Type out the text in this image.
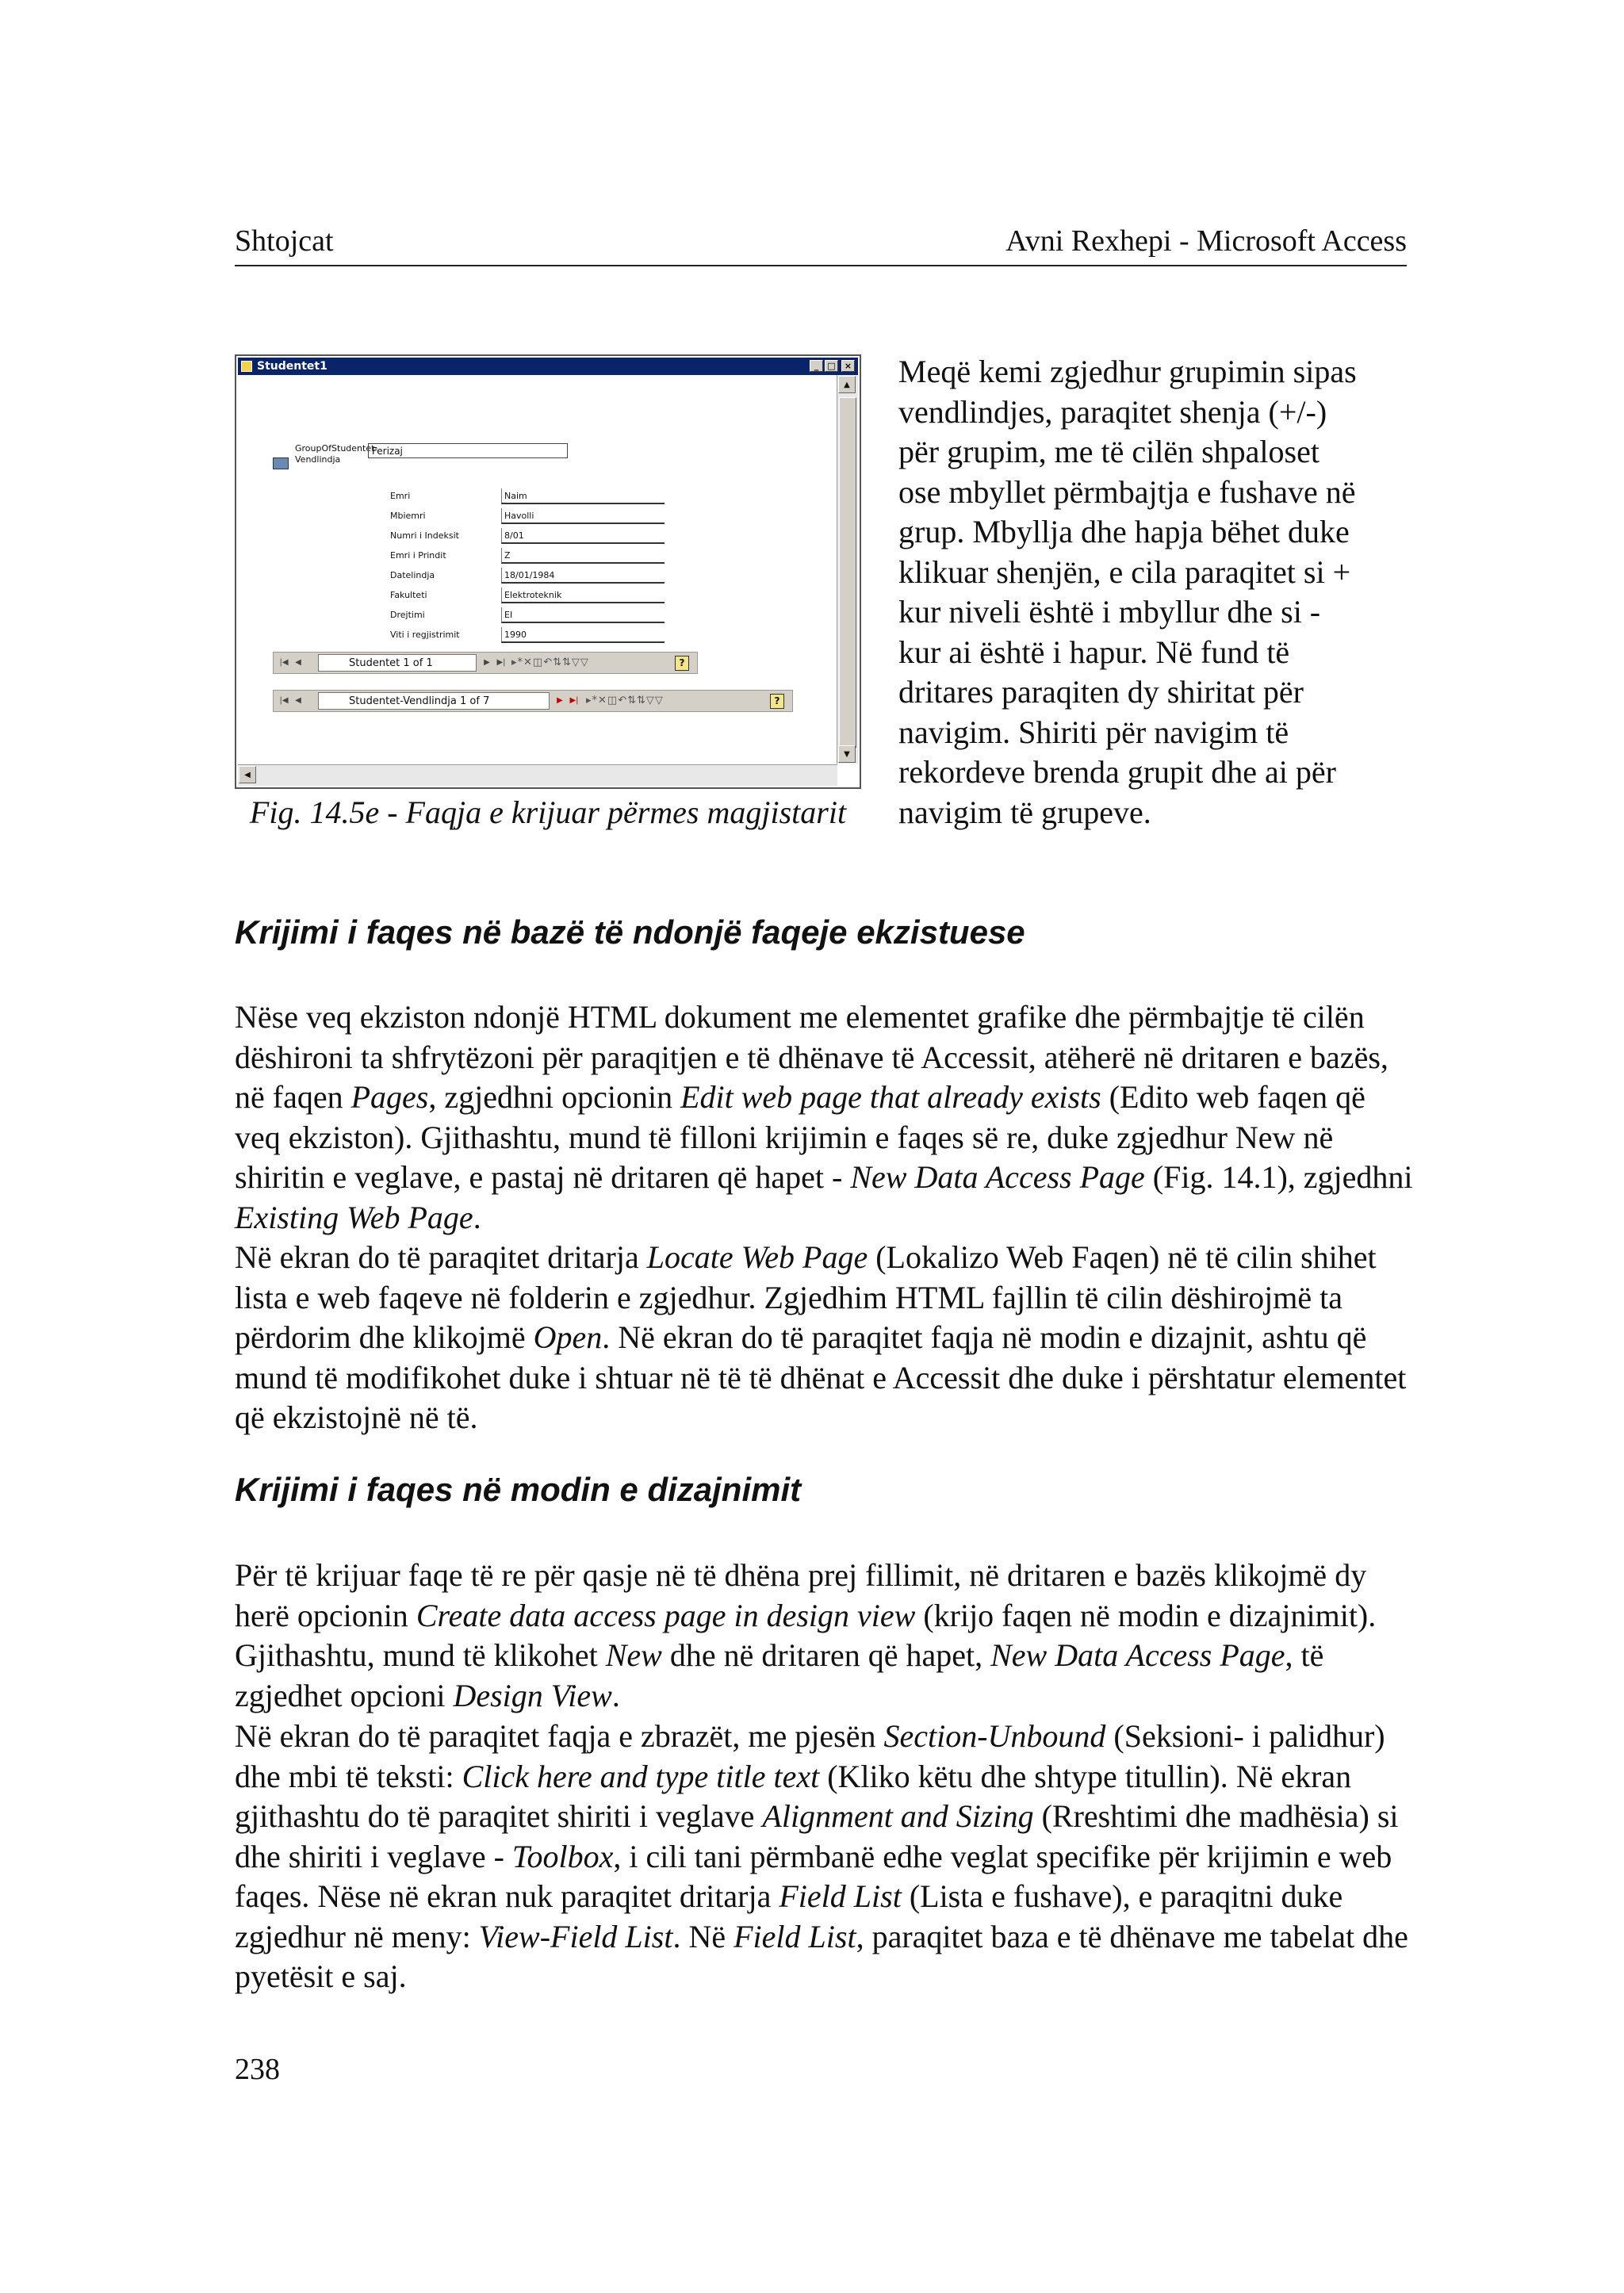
Shtojcat	Avni Rexhepi - Microsoft Access
Studentet1	_	□	×
GroupOfStudentet-Vendlindja
Ferizaj
Emri	Naim
Mbiemri	Havolli
Numri i Indeksit	8/01
Emri i Prindit	Z
Datelindja	18/01/1984
Fakulteti	Elektroteknik
Drejtimi	EI
Viti i regjistrimit	1990
|◀ ◀	Studentet 1 of 1	▶ ▶| ▸*✕◫↶⇅⇅▽▽	?
|◀ ◀	Studentet-Vendlindja 1 of 7	▶ ▶| ▸*✕◫↶⇅⇅▽▽	?
▲
▼
◀
Fig. 14.5e - Faqja e krijuar përmes magjistarit
Meqë kemi zgjedhur grupimin sipas
vendlindjes, paraqitet shenja (+/-)
për grupim, me të cilën shpaloset
ose mbyllet përmbajtja e fushave në
grup. Mbyllja dhe hapja bëhet duke
klikuar shenjën, e cila paraqitet si +
kur niveli është i mbyllur dhe si -
kur ai është i hapur. Në fund të
dritares paraqiten dy shiritat për
navigim. Shiriti për navigim të
rekordeve brenda grupit dhe ai për
navigim të grupeve.
Krijimi i faqes në bazë të ndonjë faqeje ekzistuese

Nëse veq ekziston ndonjë HTML dokument me elementet grafike dhe përmbajtje të cilën dëshironi ta shfrytëzoni për paraqitjen e të dhënave të Accessit, atëherë në dritaren e bazës, në faqen Pages, zgjedhni opcionin Edit web page that already exists (Edito web faqen që veq ekziston). Gjithashtu, mund të filloni krijimin e faqes së re, duke zgjedhur New në shiritin e veglave, e pastaj në dritaren që hapet - New Data Access Page (Fig. 14.1), zgjedhni Existing Web Page.

Në ekran do të paraqitet dritarja Locate Web Page (Lokalizo Web Faqen) në të cilin shihet lista e web faqeve në folderin e zgjedhur. Zgjedhim HTML fajllin të cilin dëshirojmë ta përdorim dhe klikojmë Open. Në ekran do të paraqitet faqja në modin e dizajnit, ashtu që mund të modifikohet duke i shtuar në të të dhënat e Accessit dhe duke i përshtatur elementet që ekzistojnë në të.

Krijimi i faqes në modin e dizajnimit

Për të krijuar faqe të re për qasje në të dhëna prej fillimit, në dritaren e bazës klikojmë dy herë opcionin Create data access page in design view (krijo faqen në modin e dizajnimit). Gjithashtu, mund të klikohet New dhe në dritaren që hapet, New Data Access Page, të zgjedhet opcioni Design View.

Në ekran do të paraqitet faqja e zbrazët, me pjesën Section-Unbound (Seksioni- i palidhur) dhe mbi të teksti: Click here and type title text (Kliko këtu dhe shtype titullin). Në ekran gjithashtu do të paraqitet shiriti i veglave Alignment and Sizing (Rreshtimi dhe madhësia) si dhe shiriti i veglave - Toolbox, i cili tani përmbanë edhe veglat specifike për krijimin e web faqes. Nëse në ekran nuk paraqitet dritarja Field List (Lista e fushave), e paraqitni duke zgjedhur në meny: View-Field List. Në Field List, paraqitet baza e të dhënave me tabelat dhe pyetësit e saj.

238
